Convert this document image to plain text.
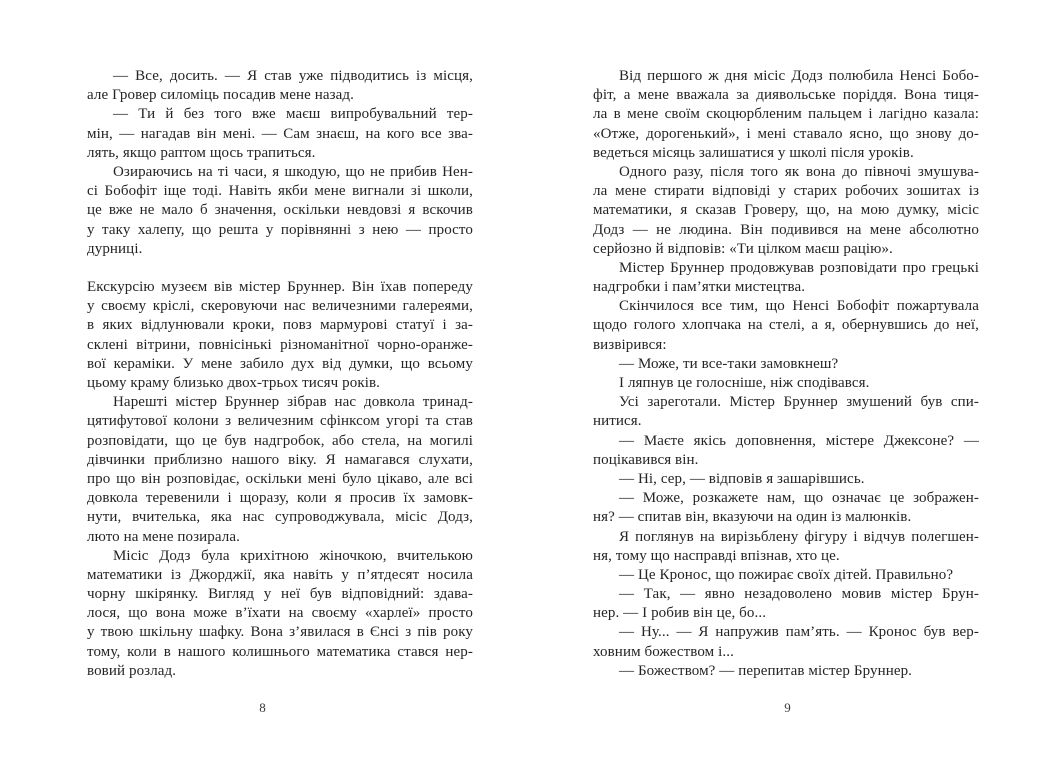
— Все, досить. — Я став уже підводитись із місця,
але Гровер силоміць посадив мене назад.
— Ти й без того вже маєш випробувальний тер-
мін, — нагадав він мені. — Сам знаєш, на кого все зва-
лять, якщо раптом щось трапиться.
Озираючись на ті часи, я шкодую, що не прибив Нен-
сі Бобофіт іще тоді. Навіть якби мене вигнали зі школи,
це вже не мало б значення, оскільки невдовзі я вскочив
у таку халепу, що решта у порівнянні з нею — просто
дурниці.
Екскурсію музеєм вів містер Бруннер. Він їхав попереду
у своєму кріслі, скеровуючи нас величезними галереями,
в яких відлунювали кроки, повз мармурові статуї і за-
склені вітрини, повнісінькі різноманітної чорно-оранже-
вої кераміки. У мене забило дух від думки, що всьому
цьому краму близько двох-трьох тисяч років.
Нарешті містер Бруннер зібрав нас довкола тринад-
цятифутової колони з величезним сфінксом угорі та став
розповідати, що це був надгробок, або стела, на могилі
дівчинки приблизно нашого віку. Я намагався слухати,
про що він розповідає, оскільки мені було цікаво, але всі
довкола теревенили і щоразу, коли я просив їх замовк-
нути, вчителька, яка нас супроводжувала, місіс Додз,
люто на мене позирала.
Місіс Додз була крихітною жіночкою, вчителькою
математики із Джорджії, яка навіть у п’ятдесят носила
чорну шкірянку. Вигляд у неї був відповідний: здава-
лося, що вона може в’їхати на своєму «харлеї» просто
у твою шкільну шафку. Вона з’явилася в Єнсі з пів року
тому, коли в нашого колишнього математика стався нер-
вовий розлад.
Від першого ж дня місіс Додз полюбила Ненсі Бобо-
фіт, а мене вважала за диявольське поріддя. Вона тиця-
ла в мене своїм скоцюрбленим пальцем і лагідно казала:
«Отже, дорогенький», і мені ставало ясно, що знову до-
ведеться місяць залишатися у школі після уроків.
Одного разу, після того як вона до півночі змушува-
ла мене стирати відповіді у старих робочих зошитах із
математики, я сказав Гроверу, що, на мою думку, місіс
Додз — не людина. Він подивився на мене абсолютно
серйозно й відповів: «Ти цілком маєш рацію».
Містер Бруннер продовжував розповідати про грецькі
надгробки і пам’ятки мистецтва.
Скінчилося все тим, що Ненсі Бобофіт пожартувала
щодо голого хлопчака на стелі, а я, обернувшись до неї,
визвірився:
— Може, ти все-таки замовкнеш?
І ляпнув це голосніше, ніж сподівався.
Усі зареготали. Містер Бруннер змушений був спи-
нитися.
— Маєте якісь доповнення, містере Джексоне? —
поцікавився він.
— Ні, сер, — відповів я зашарівшись.
— Може, розкажете нам, що означає це зображен-
ня? — спитав він, вказуючи на один із малюнків.
Я поглянув на вирізьблену фігуру і відчув полегшен-
ня, тому що насправді впізнав, хто це.
— Це Кронос, що пожирає своїх дітей. Правильно?
— Так, — явно незадоволено мовив містер Брун-
нер. — І робив він це, бо...
— Ну... — Я напружив пам’ять. — Кронос був вер-
ховним божеством і...
— Божеством? — перепитав містер Бруннер.
8	9
